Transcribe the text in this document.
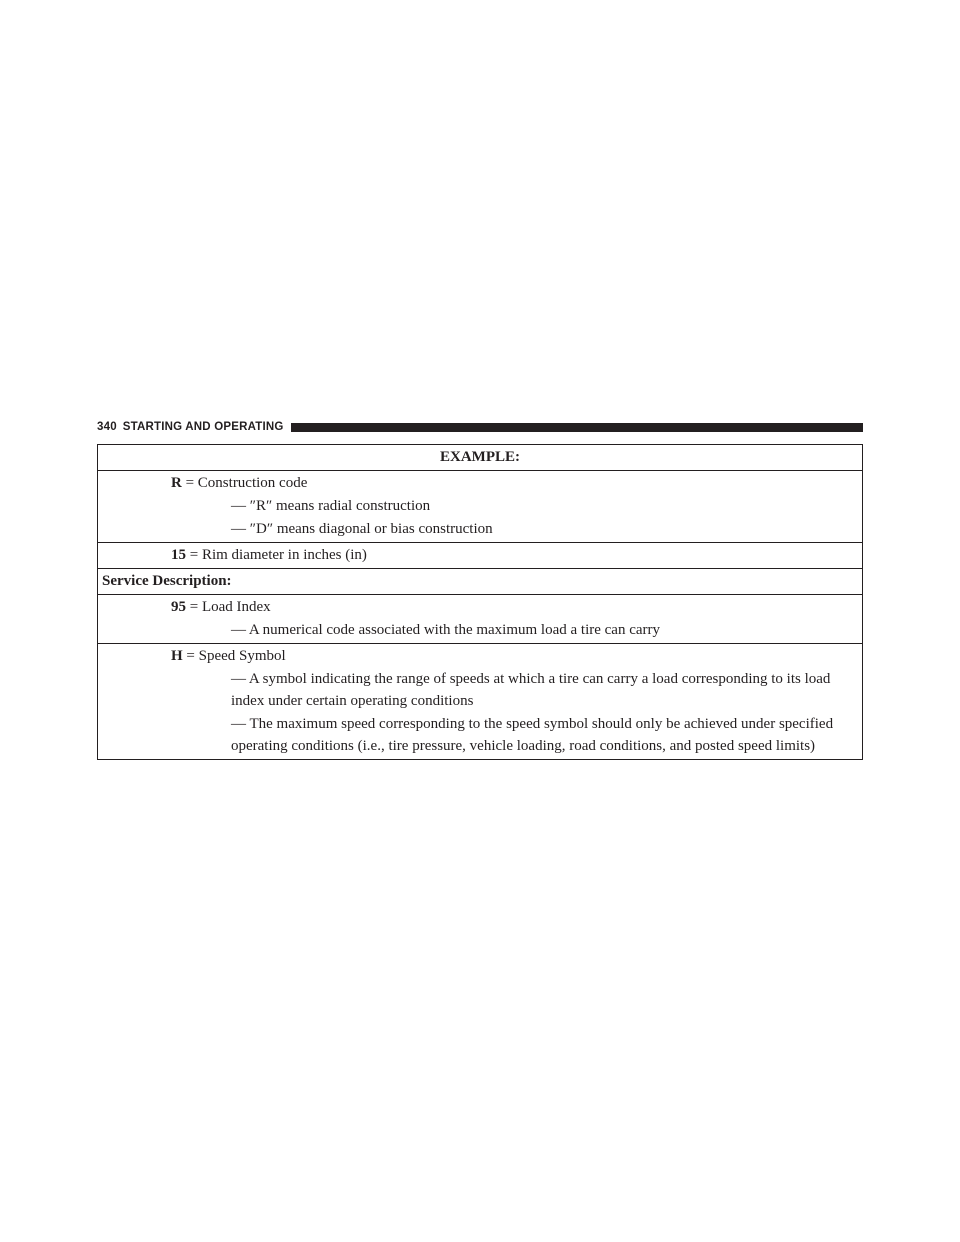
340 STARTING AND OPERATING
EXAMPLE:
R = Construction code
— ″R″ means radial construction
— ″D″ means diagonal or bias construction
15 = Rim diameter in inches (in)
Service Description:
95 = Load Index
— A numerical code associated with the maximum load a tire can carry
H = Speed Symbol
— A symbol indicating the range of speeds at which a tire can carry a load corresponding to its load index under certain operating conditions
— The maximum speed corresponding to the speed symbol should only be achieved under specified operating conditions (i.e., tire pressure, vehicle loading, road conditions, and posted speed limits)
